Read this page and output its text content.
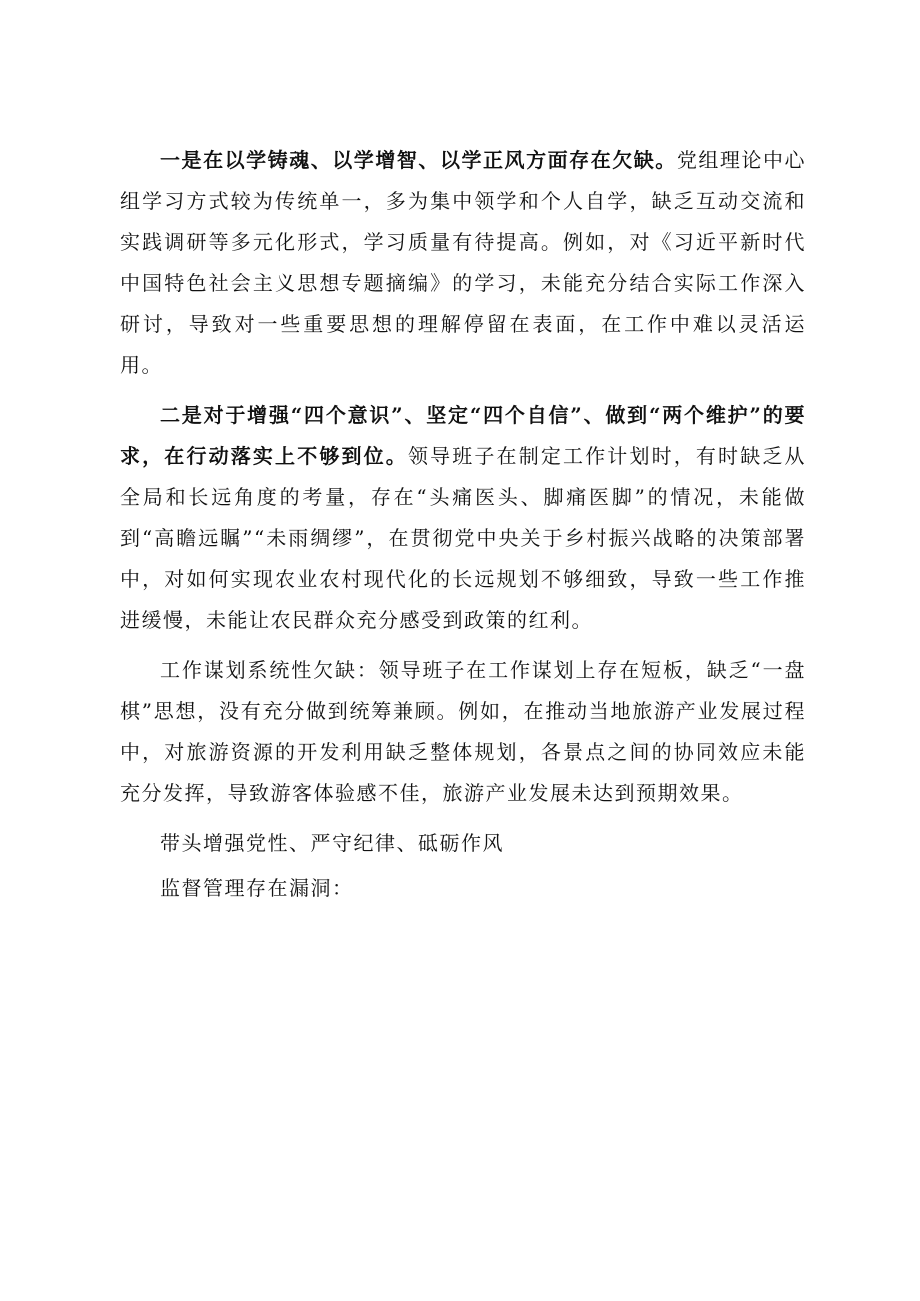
一是在以学铸魂、以学增智、以学正风方面存在欠缺。党组理论中心组学习方式较为传统单一，多为集中领学和个人自学，缺乏互动交流和实践调研等多元化形式，学习质量有待提高。例如，对《习近平新时代中国特色社会主义思想专题摘编》的学习，未能充分结合实际工作深入研讨，导致对一些重要思想的理解停留在表面，在工作中难以灵活运用。

二是对于增强“四个意识”、坚定“四个自信”、做到“两个维护”的要求，在行动落实上不够到位。领导班子在制定工作计划时，有时缺乏从全局和长远角度的考量，存在“头痛医头、脚痛医脚”的情况，未能做到“高瞻远瞩”“未雨绸缪”，在贯彻党中央关于乡村振兴战略的决策部署中，对如何实现农业农村现代化的长远规划不够细致，导致一些工作推进缓慢，未能让农民群众充分感受到政策的红利。

工作谋划系统性欠缺：领导班子在工作谋划上存在短板，缺乏“一盘棋”思想，没有充分做到统筹兼顾。例如，在推动当地旅游产业发展过程中，对旅游资源的开发利用缺乏整体规划，各景点之间的协同效应未能充分发挥，导致游客体验感不佳，旅游产业发展未达到预期效果。

带头增强党性、严守纪律、砥砺作风

监督管理存在漏洞：
